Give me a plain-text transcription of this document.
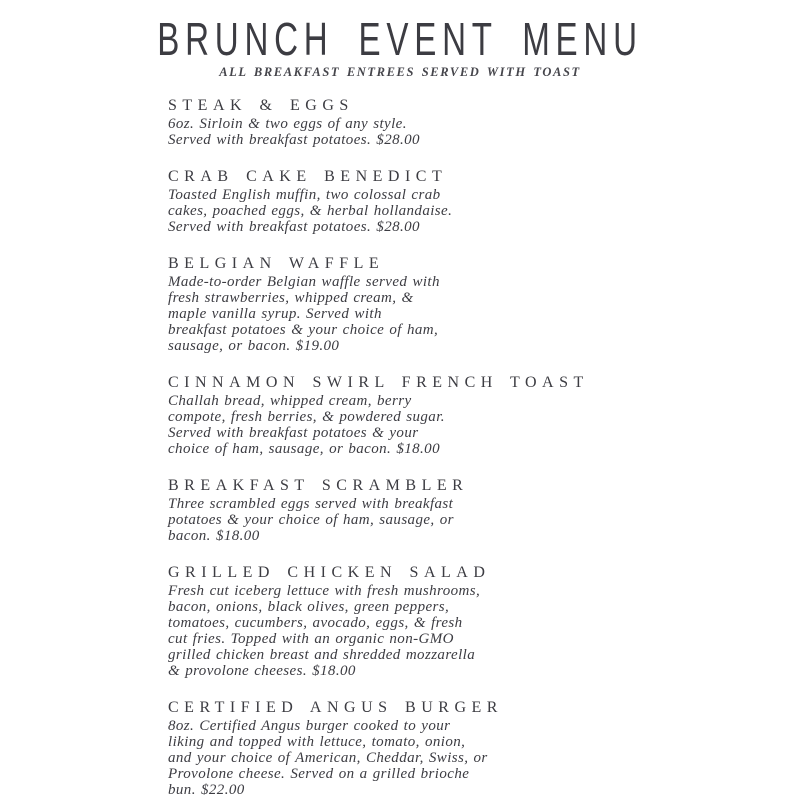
BRUNCH EVENT MENU

ALL BREAKFAST ENTREES SERVED WITH TOAST

STEAK & EGGS
6oz. Sirloin & two eggs of any style.
Served with breakfast potatoes. $28.00
CRAB CAKE BENEDICT
Toasted English muffin, two colossal crab
cakes, poached eggs, & herbal hollandaise.
Served with breakfast potatoes. $28.00
BELGIAN WAFFLE
Made-to-order Belgian waffle served with
fresh strawberries, whipped cream, &
maple vanilla syrup. Served with
breakfast potatoes & your choice of ham,
sausage, or bacon. $19.00
CINNAMON SWIRL FRENCH TOAST
Challah bread, whipped cream, berry
compote, fresh berries, & powdered sugar.
Served with breakfast potatoes & your
choice of ham, sausage, or bacon. $18.00
BREAKFAST SCRAMBLER
Three scrambled eggs served with breakfast
potatoes & your choice of ham, sausage, or
bacon. $18.00
GRILLED CHICKEN SALAD
Fresh cut iceberg lettuce with fresh mushrooms,
bacon, onions, black olives, green peppers,
tomatoes, cucumbers, avocado, eggs, & fresh
cut fries. Topped with an organic non-GMO
grilled chicken breast and shredded mozzarella
& provolone cheeses. $18.00
CERTIFIED ANGUS BURGER
8oz. Certified Angus burger cooked to your
liking and topped with lettuce, tomato, onion,
and your choice of American, Cheddar, Swiss, or
Provolone cheese. Served on a grilled brioche
bun. $22.00
